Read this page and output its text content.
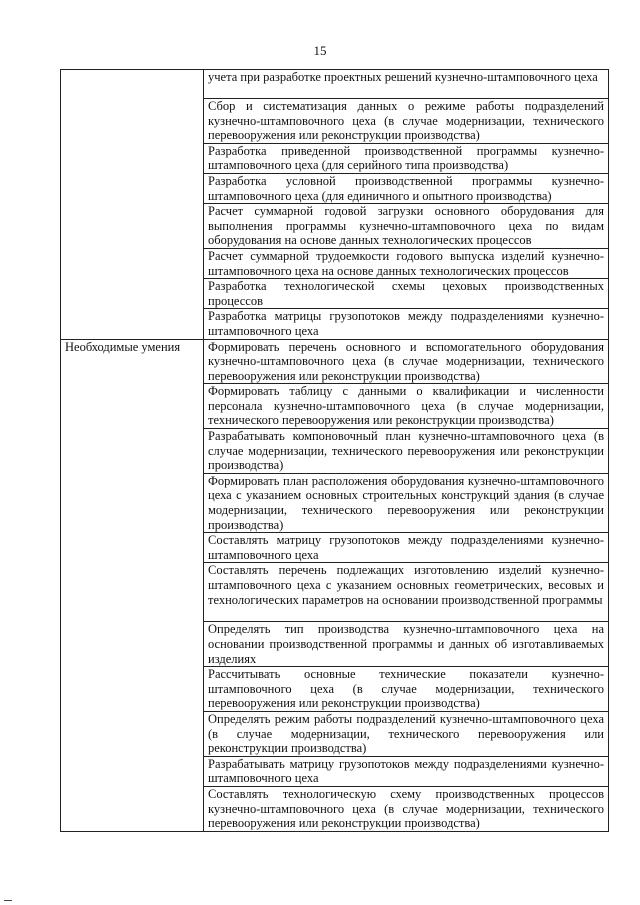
15
	учета при разработке проектных решений кузнечно-штамповочного цеха
	Сбор и систематизация данных о режиме работы подразделений кузнечно-штамповочного цеха (в случае модернизации, технического перевооружения или реконструкции производства)
	Разработка приведенной производственной программы кузнечно-штамповочного цеха (для серийного типа производства)
	Разработка условной производственной программы кузнечно-штамповочного цеха (для единичного и опытного производства)
	Расчет суммарной годовой загрузки основного оборудования для выполнения программы кузнечно-штамповочного цеха по видам оборудования на основе данных технологических процессов
	Расчет суммарной трудоемкости годового выпуска изделий кузнечно-штамповочного цеха на основе данных технологических процессов
	Разработка технологической схемы цеховых производственных процессов
	Разработка матрицы грузопотоков между подразделениями кузнечно-штамповочного цеха
Необходимые умения	Формировать перечень основного и вспомогательного оборудования кузнечно-штамповочного цеха (в случае модернизации, технического перевооружения или реконструкции производства)
	Формировать таблицу с данными о квалификации и численности персонала кузнечно-штамповочного цеха (в случае модернизации, технического перевооружения или реконструкции производства)
	Разрабатывать компоновочный план кузнечно-штамповочного цеха (в случае модернизации, технического перевооружения или реконструкции производства)
	Формировать план расположения оборудования кузнечно-штамповочного цеха с указанием основных строительных конструкций здания (в случае модернизации, технического перевооружения или реконструкции производства)
	Составлять матрицу грузопотоков между подразделениями кузнечно-штамповочного цеха
	Составлять перечень подлежащих изготовлению изделий кузнечно-штамповочного цеха с указанием основных геометрических, весовых и технологических параметров на основании производственной программы
	Определять тип производства кузнечно-штамповочного цеха на основании производственной программы и данных об изготавливаемых изделиях
	Рассчитывать основные технические показатели кузнечно-штамповочного цеха (в случае модернизации, технического перевооружения или реконструкции производства)
	Определять режим работы подразделений кузнечно-штамповочного цеха (в случае модернизации, технического перевооружения или реконструкции производства)
	Разрабатывать матрицу грузопотоков между подразделениями кузнечно-штамповочного цеха
	Составлять технологическую схему производственных процессов кузнечно-штамповочного цеха (в случае модернизации, технического перевооружения или реконструкции производства)
